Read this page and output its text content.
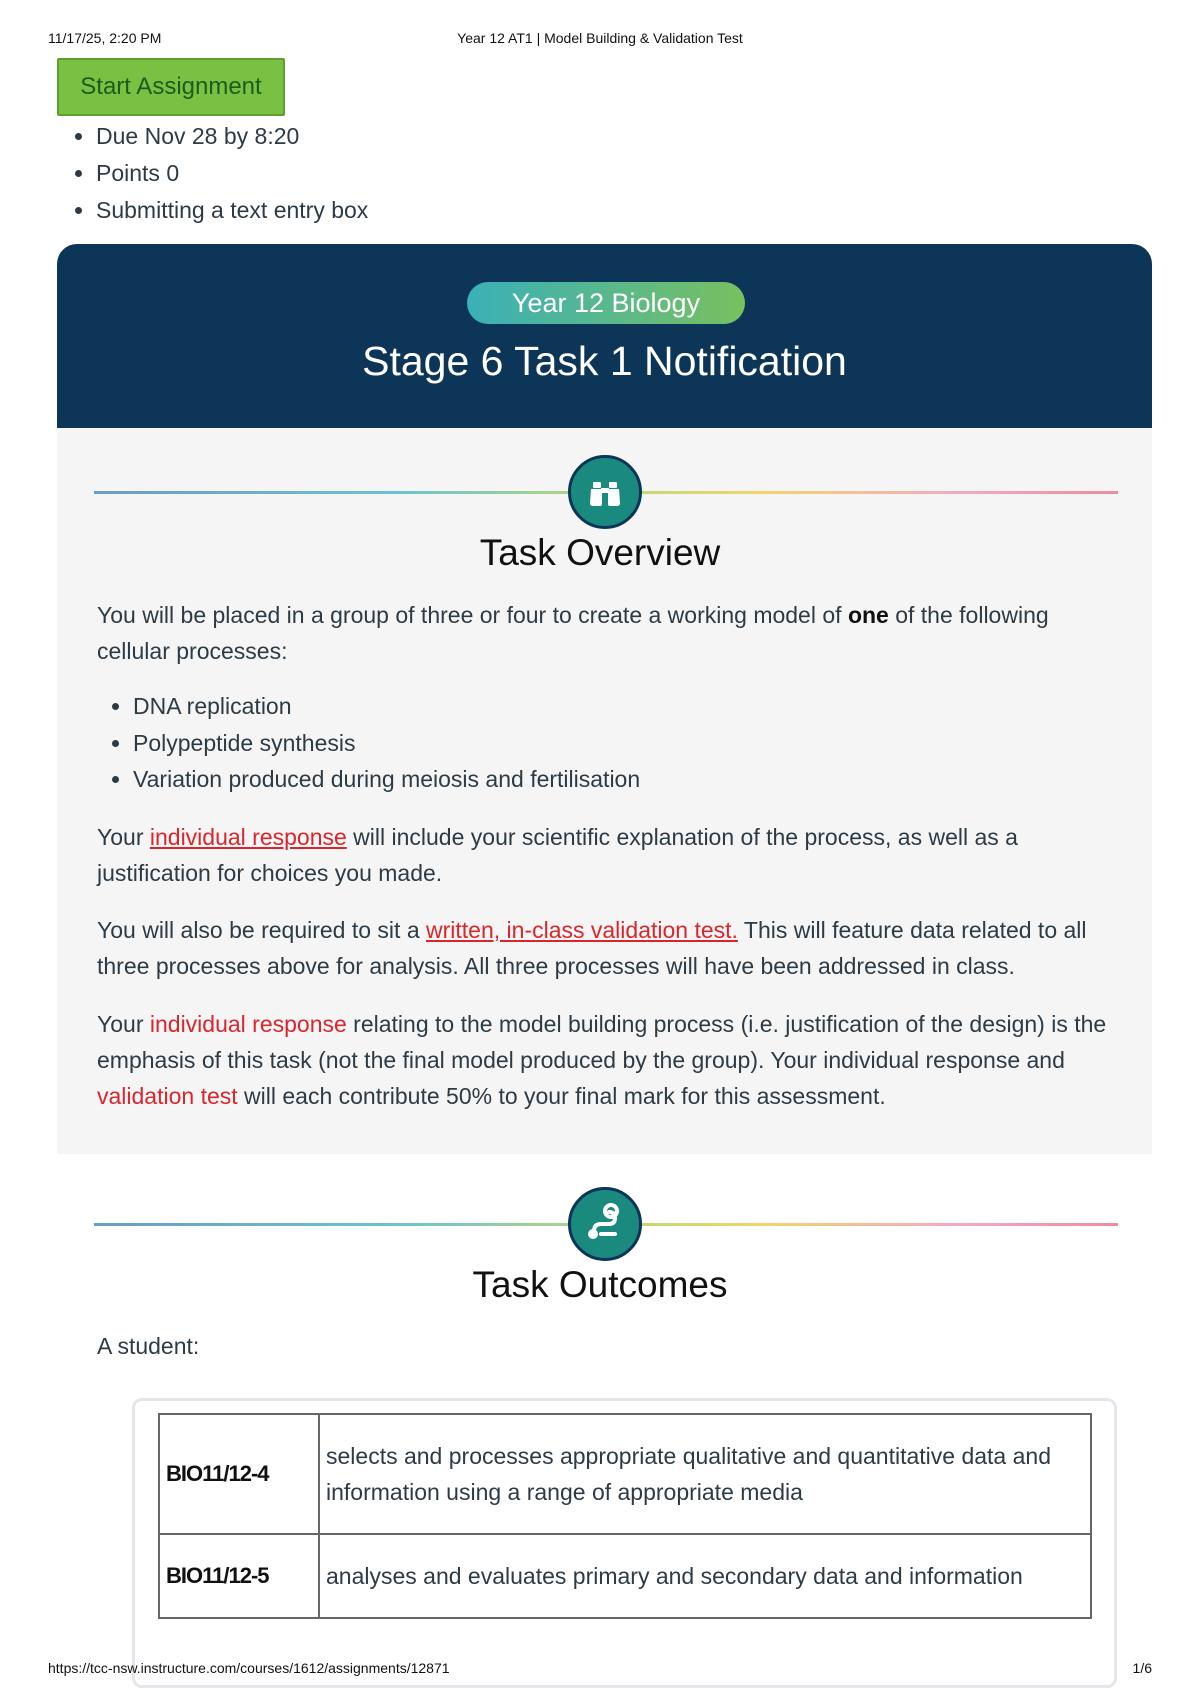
11/17/25, 2:20 PM	Year 12 AT1 | Model Building & Validation Test
Start Assignment
• Due Nov 28 by 8:20
• Points 0
• Submitting a text entry box
Year 12 Biology
Stage 6 Task 1 Notification
Task Overview

You will be placed in a group of three or four to create a working model of one of the following cellular processes:

• DNA replication
• Polypeptide synthesis
• Variation produced during meiosis and fertilisation

Your individual response will include your scientific explanation of the process, as well as a justification for choices you made.

You will also be required to sit a written, in-class validation test. This will feature data related to all three processes above for analysis. All three processes will have been addressed in class.

Your individual response relating to the model building process (i.e. justification of the design) is the emphasis of this task (not the final model produced by the group). Your individual response and validation test will each contribute 50% to your final mark for this assessment.

Task Outcomes

A student:

BIO11/12-4	selects and processes appropriate qualitative and quantitative data and information using a range of appropriate media
BIO11/12-5	analyses and evaluates primary and secondary data and information
https://tcc-nsw.instructure.com/courses/1612/assignments/12871	1/6
